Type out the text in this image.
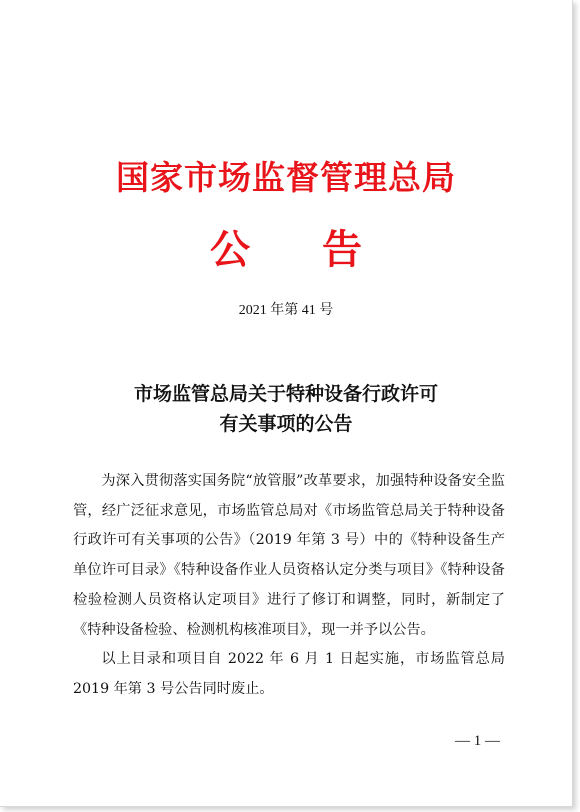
国家市场监督管理总局
公告
2021 年第 41 号
市场监管总局关于特种设备行政许可
有关事项的公告

为深入贯彻落实国务院“放管服”改革要求，加强特种设备安全监管，经广泛征求意见，市场监管总局对《市场监管总局关于特种设备行政许可有关事项的公告》（2019 年第 3 号）中的《特种设备生产单位许可目录》《特种设备作业人员资格认定分类与项目》《特种设备检验检测人员资格认定项目》进行了修订和调整，同时，新制定了《特种设备检验、检测机构核准项目》，现一并予以公告。

以上目录和项目自 2022 年 6 月 1 日起实施，市场监管总局 2019 年第 3 号公告同时废止。

— 1 —
